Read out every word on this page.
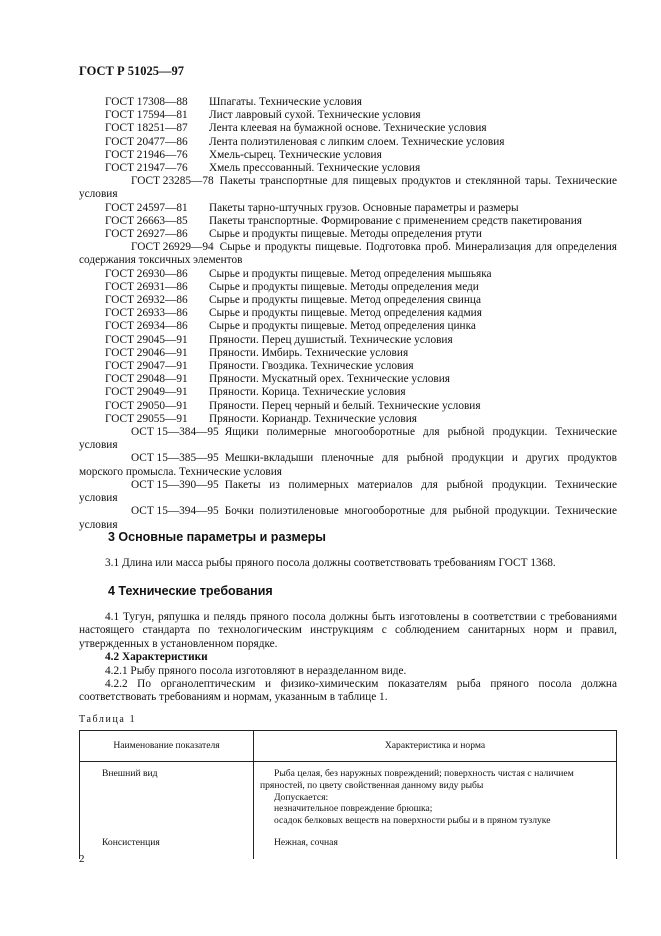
ГОСТ Р 51025—97
ГОСТ 17308—88 Шпагаты. Технические условия
ГОСТ 17594—81 Лист лавровый сухой. Технические условия
ГОСТ 18251—87 Лента клеевая на бумажной основе. Технические условия
ГОСТ 20477—86 Лента полиэтиленовая с липким слоем. Технические условия
ГОСТ 21946—76 Хмель-сырец. Технические условия
ГОСТ 21947—76 Хмель прессованный. Технические условия
ГОСТ 23285—78 Пакеты транспортные для пищевых продуктов и стеклянной тары. Технические условия
ГОСТ 24597—81 Пакеты тарно-штучных грузов. Основные параметры и размеры
ГОСТ 26663—85 Пакеты транспортные. Формирование с применением средств пакетирования
ГОСТ 26927—86 Сырье и продукты пищевые. Методы определения ртути
ГОСТ 26929—94 Сырье и продукты пищевые. Подготовка проб. Минерализация для определения содержания токсичных элементов
ГОСТ 26930—86 Сырье и продукты пищевые. Метод определения мышьяка
ГОСТ 26931—86 Сырье и продукты пищевые. Методы определения меди
ГОСТ 26932—86 Сырье и продукты пищевые. Метод определения свинца
ГОСТ 26933—86 Сырье и продукты пищевые. Метод определения кадмия
ГОСТ 26934—86 Сырье и продукты пищевые. Метод определения цинка
ГОСТ 29045—91 Пряности. Перец душистый. Технические условия
ГОСТ 29046—91 Пряности. Имбирь. Технические условия
ГОСТ 29047—91 Пряности. Гвоздика. Технические условия
ГОСТ 29048—91 Пряности. Мускатный орех. Технические условия
ГОСТ 29049—91 Пряности. Корица. Технические условия
ГОСТ 29050—91 Пряности. Перец черный и белый. Технические условия
ГОСТ 29055—91 Пряности. Кориандр. Технические условия
ОСТ 15—384—95 Ящики полимерные многооборотные для рыбной продукции. Технические условия
ОСТ 15—385—95 Мешки-вкладыши пленочные для рыбной продукции и других продуктов морского промысла. Технические условия
ОСТ 15—390—95 Пакеты из полимерных материалов для рыбной продукции. Технические условия
ОСТ 15—394—95 Бочки полиэтиленовые многооборотные для рыбной продукции. Технические условия
3 Основные параметры и размеры

3.1 Длина или масса рыбы пряного посола должны соответствовать требованиям ГОСТ 1368.

4 Технические требования

4.1 Тугун, ряпушка и пелядь пряного посола должны быть изготовлены в соответствии с требованиями настоящего стандарта по технологическим инструкциям с соблюдением санитарных норм и правил, утвержденных в установленном порядке.

4.2 Характеристики

4.2.1 Рыбу пряного посола изготовляют в неразделанном виде.

4.2.2 По органолептическим и физико-химическим показателям рыба пряного посола должна соответствовать требованиям и нормам, указанным в таблице 1.

Таблица 1
Наименование показателя	Характеристика и норма
Внешний вид	Рыба целая, без наружных повреждений; поверхность чистая с наличием пряностей, по цвету свойственная данному виду рыбы

Допускается:

незначительное повреждение брюшка;

осадок белковых веществ на поверхности рыбы и в пряном тузлуке

Консистенция	Нежная, сочная

2
